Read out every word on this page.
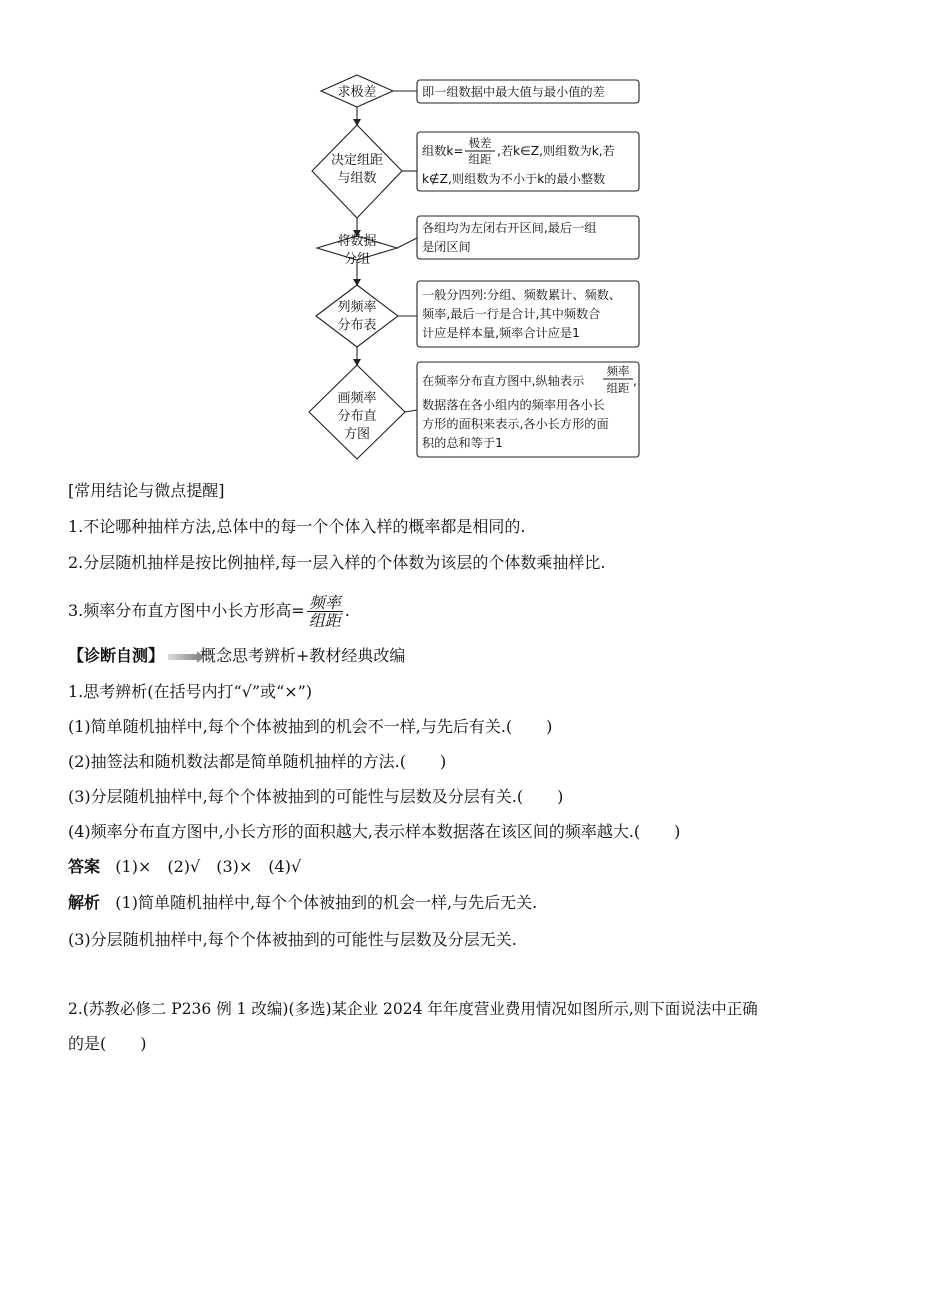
求极差
决定组距
与组数
将数据
分组
列频率
分布表
画频率
分布直
方图
即一组数据中最大值与最小值的差
组数k=
极差
组距
,若k∈Z,则组数为k,若
k∉Z,则组数为不小于k的最小整数
各组均为左闭右开区间,最后一组
是闭区间
一般分四列:分组、频数累计、频数、
频率,最后一行是合计,其中频数合
计应是样本量,频率合计应是1
在频率分布直方图中,纵轴表示
频率
组距 ,
数据落在各小组内的频率用各小长
方形的面积来表示,各小长方形的面
积的总和等于1
[常用结论与微点提醒]
1.不论哪种抽样方法,总体中的每一个个体入样的概率都是相同的.
2.分层随机抽样是按比例抽样,每一层入样的个体数为该层的个体数乘抽样比.
3.频率分布直方图中小长方形高= $\frac{\text{频率}}{\text{组距}}$ .
【诊断自测】 概念思考辨析+教材经典改编
1.思考辨析(在括号内打“√”或“×”)
(1)简单随机抽样中,每个个体被抽到的机会不一样,与先后有关.( )
(2)抽签法和随机数法都是简单随机抽样的方法.( )
(3)分层随机抽样中,每个个体被抽到的可能性与层数及分层有关.( )
(4)频率分布直方图中,小长方形的面积越大,表示样本数据落在该区间的频率越大.( )
答案 (1)×　(2)√　(3)×　(4)√
解析 (1)简单随机抽样中,每个个体被抽到的机会一样,与先后无关.
(3)分层随机抽样中,每个个体被抽到的可能性与层数及分层无关.
2.(苏教必修二 P236 例 1 改编)(多选)某企业 2024 年年度营业费用情况如图所示,则下面说法中正确
的是( )
